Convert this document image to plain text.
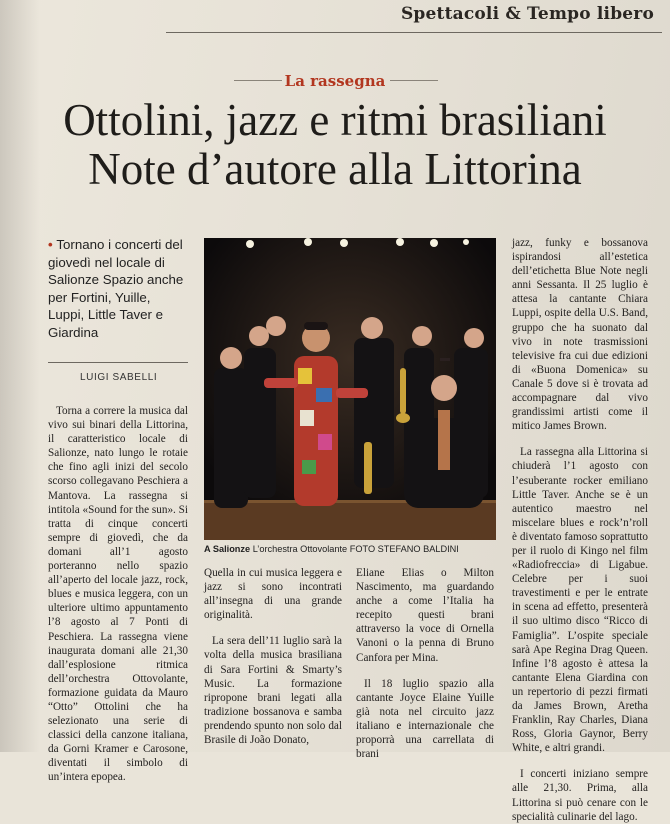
Spettacoli & Tempo libero
La rassegna
Ottolini, jazz e ritmi brasiliani
Note d’autore alla Littorina
• Tornano i concerti del giovedì nel locale di Salionze Spazio anche per Fortini, Yuille, Luppi, Little Taver e Giardina
LUIGI SABELLI
A Salionze L’orchestra Ottovolante FOTO STEFANO BALDINI

Torna a correre la musica dal vivo sui binari della Littorina, il caratteristico locale di Salionze, nato lungo le rotaie che fino agli inizi del secolo scorso collegavano Peschiera a Mantova. La rassegna si intitola «Sound for the sun». Si tratta di cinque concerti sempre di giovedì, che da domani all’1 agosto porteranno nello spazio all’aperto del locale jazz, rock, blues e musica leggera, con un ulteriore ultimo appuntamento l’8 agosto al 7 Ponti di Peschiera. La rassegna viene inaugurata domani alle 21,30 dall’esplosione ritmica dell’orchestra Ottovolante, formazione guidata da Mauro “Otto” Ottolini che ha selezionato una serie di classici della canzone italiana, da Gorni Kramer e Carosone, diventati il simbolo di un’intera epopea.

Quella in cui musica leggera e jazz si sono incontrati all’insegna di una grande originalità.

La sera dell’11 luglio sarà la volta della musica brasiliana di Sara Fortini & Smarty’s Music. La formazione ripropone brani legati alla tradizione bossanova e samba prendendo spunto non solo dal Brasile di João Donato,

Eliane Elias o Milton Nascimento, ma guardando anche a come l’Italia ha recepito questi brani attraverso la voce di Ornella Vanoni o la penna di Bruno Canfora per Mina.

Il 18 luglio spazio alla cantante Joyce Elaine Yuille già nota nel circuito jazz italiano e internazionale che proporrà una carrellata di brani

jazz, funky e bossanova ispirandosi all’estetica dell’etichetta Blue Note negli anni Sessanta. Il 25 luglio è attesa la cantante Chiara Luppi, ospite della U.S. Band, gruppo che ha suonato dal vivo in note trasmissioni televisive fra cui due edizioni di «Buona Domenica» su Canale 5 dove si è trovata ad accompagnare dal vivo grandissimi artisti come il mitico James Brown.

La rassegna alla Littorina si chiuderà l’1 agosto con l’esuberante rocker emiliano Little Taver. Anche se è un autentico maestro nel miscelare blues e rock’n’roll è diventato famoso soprattutto per il ruolo di Kingo nel film «Radiofreccia» di Ligabue. Celebre per i suoi travestimenti e per le entrate in scena ad effetto, presenterà il suo ultimo disco “Ricco di Famiglia”. L’ospite speciale sarà Ape Regina Drag Queen. Infine l’8 agosto è attesa la cantante Elena Giardina con un repertorio di pezzi firmati da James Brown, Aretha Franklin, Ray Charles, Diana Ross, Gloria Gaynor, Berry White, e altri grandi.

I concerti iniziano sempre alle 21,30. Prima, alla Littorina si può cenare con le specialità culinarie del lago.
